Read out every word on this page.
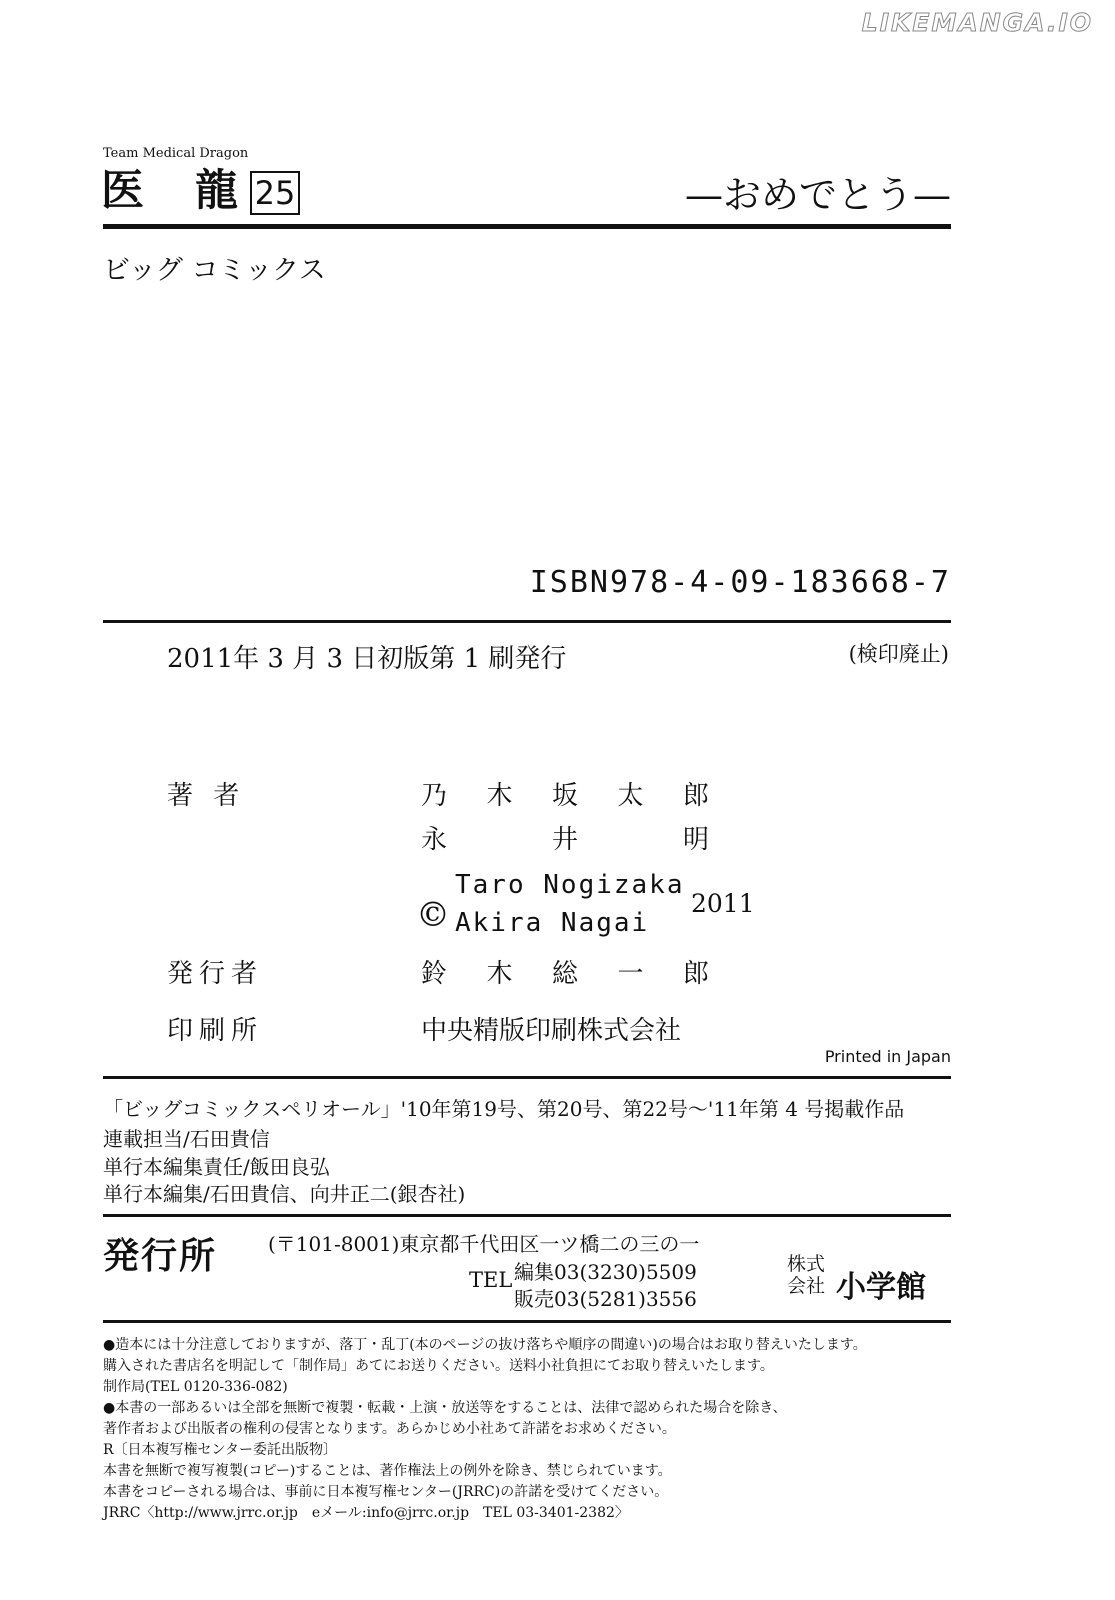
LIKEMANGA.IO
Team Medical Dragon
医 龍
25	—おめでとう—
ビッグ コミックス
ISBN978-4-09-183668-7
2011年 3 月 3 日初版第 1 刷発行	(検印廃止)
著 者	乃 木 坂 太 郎
永	井	明
©
Taro Nogizaka
Akira Nagai
2011
発行者	鈴 木 総 一 郎
印刷所	中央精版印刷株式会社
Printed in Japan
「ビッグコミックスペリオール」'10年第19号、第20号、第22号〜'11年第 4 号掲載作品
連載担当/石田貴信
単行本編集責任/飯田良弘
単行本編集/石田貴信、向井正二(銀杏社)
発行所	(〒101-8001)東京都千代田区一ツ橋二の三の一
TEL 編集03(3230)5509
販売03(5281)3556
株式
会社 小学館
●造本には十分注意しておりますが、落丁・乱丁(本のページの抜け落ちや順序の間違い)の場合はお取り替えいたします。
購入された書店名を明記して「制作局」あてにお送りください。送料小社負担にてお取り替えいたします。
制作局(TEL 0120-336-082)
●本書の一部あるいは全部を無断で複製・転載・上演・放送等をすることは、法律で認められた場合を除き、
著作者および出版者の権利の侵害となります。あらかじめ小社あて許諾をお求めください。
R〔日本複写権センター委託出版物〕
本書を無断で複写複製(コピー)することは、著作権法上の例外を除き、禁じられています。
本書をコピーされる場合は、事前に日本複写権センター(JRRC)の許諾を受けてください。
JRRC〈http://www.jrrc.or.jp　eメール:info@jrrc.or.jp　TEL 03-3401-2382〉
